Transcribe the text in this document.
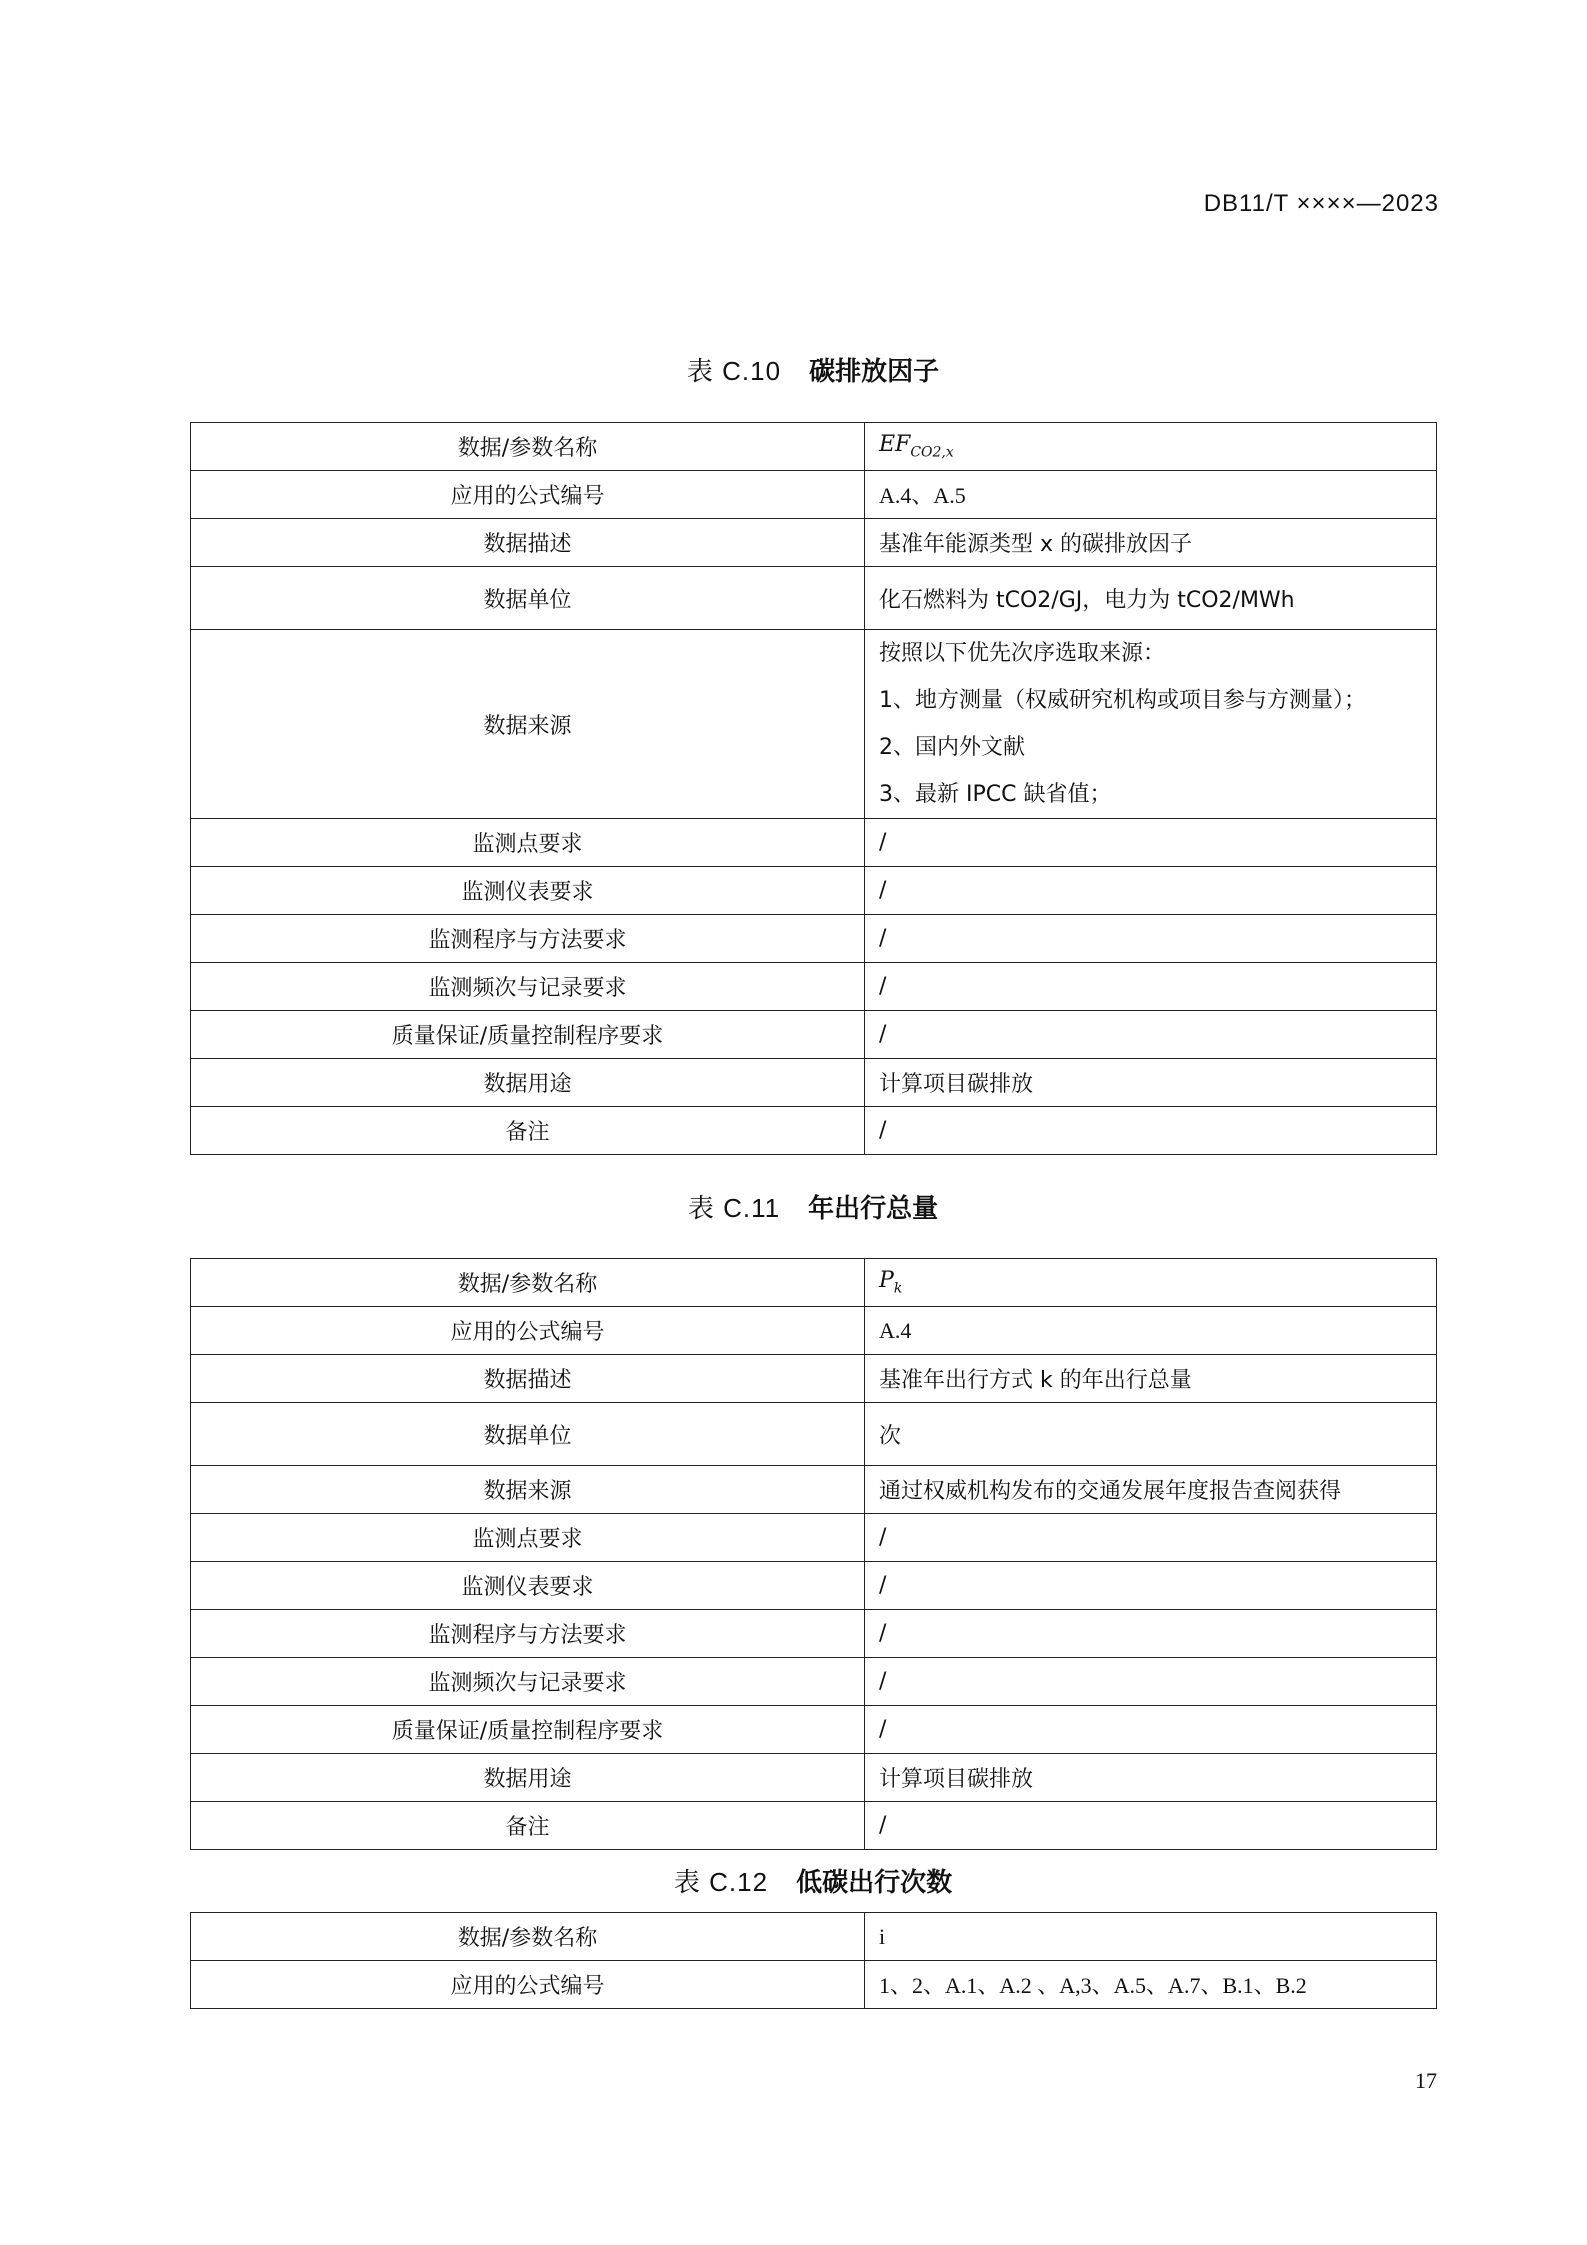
DB11/T ××××—2023
表 C.10 碳排放因子
数据/参数名称	$EF_{CO2,x}$
应用的公式编号	A.4、A.5
数据描述	基准年能源类型 x 的碳排放因子
数据单位	化石燃料为 tCO2/GJ，电力为 tCO2/MWh
数据来源	按照以下优先次序选取来源：
1、地方测量（权威研究机构或项目参与方测量）；
2、国内外文献
3、最新 IPCC 缺省值；

监测点要求	/
监测仪表要求	/
监测程序与方法要求	/
监测频次与记录要求	/
质量保证/质量控制程序要求	/
数据用途	计算项目碳排放
备注	/
表 C.11 年出行总量
数据/参数名称	$P_k$
应用的公式编号	A.4
数据描述	基准年出行方式 k 的年出行总量
数据单位	次
数据来源	通过权威机构发布的交通发展年度报告查阅获得
监测点要求	/
监测仪表要求	/
监测程序与方法要求	/
监测频次与记录要求	/
质量保证/质量控制程序要求	/
数据用途	计算项目碳排放
备注	/
表 C.12 低碳出行次数
数据/参数名称	i
应用的公式编号	1、2、A.1、A.2 、A,3、A.5、A.7、B.1、B.2
17
